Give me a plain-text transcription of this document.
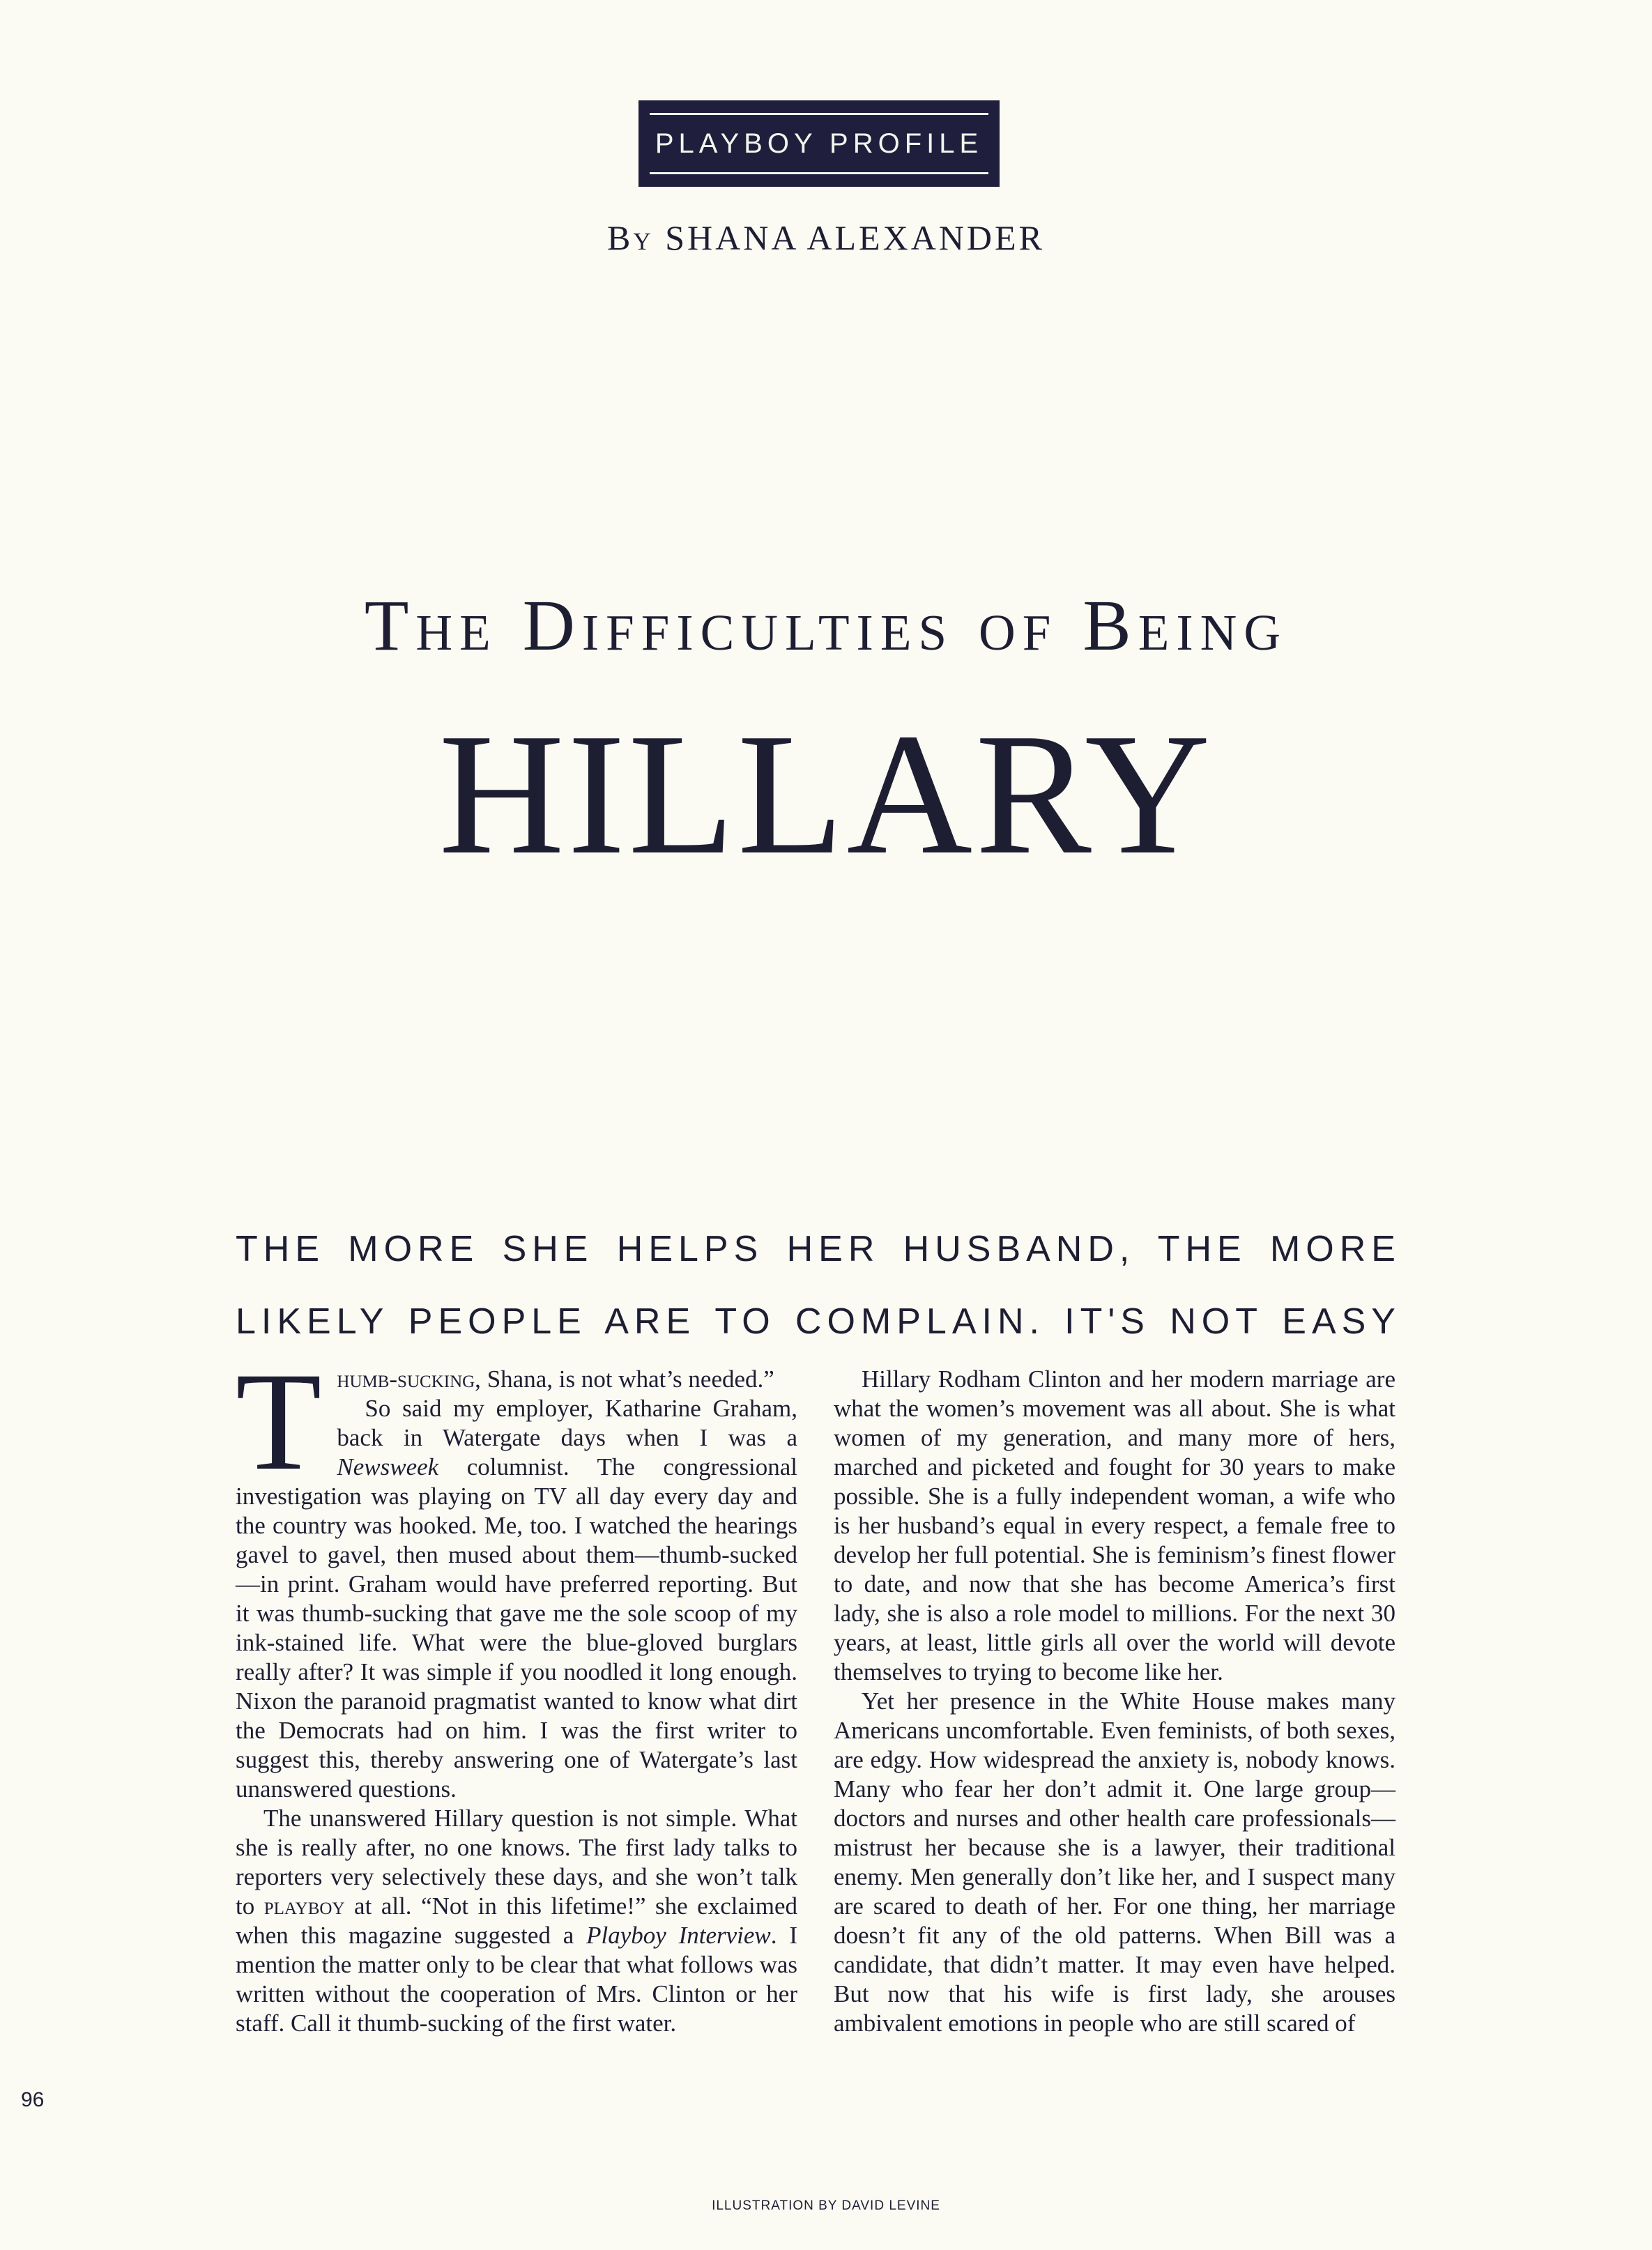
PLAYBOY PROFILE
By SHANA ALEXANDER
The Difficulties of Being
HILLARY
THE MORE SHE HELPS HER HUSBAND, THE MORE LIKELY PEOPLE ARE TO COMPLAIN. IT'S NOT EASY

Thumb-sucking, Shana, is not what’s needed.”

So said my employer, Katharine Graham, back in Watergate days when I was a Newsweek columnist. The congressional investigation was playing on TV all day every day and the country was hooked. Me, too. I watched the hearings gavel to gavel, then mused about them—thumb-sucked—in print. Graham would have preferred reporting. But it was thumb-sucking that gave me the sole scoop of my ink-stained life. What were the blue-gloved burglars really after? It was simple if you noodled it long enough. Nixon the paranoid pragmatist wanted to know what dirt the Democrats had on him. I was the first writer to suggest this, thereby answering one of Watergate’s last unanswered questions.

The unanswered Hillary question is not simple. What she is really after, no one knows. The first lady talks to reporters very selectively these days, and she won’t talk to playboy at all. “Not in this lifetime!” she exclaimed when this magazine suggested a Playboy Interview. I mention the matter only to be clear that what follows was written without the cooperation of Mrs. Clinton or her staff. Call it thumb-sucking of the first water.

Hillary Rodham Clinton and her modern marriage are what the women’s movement was all about. She is what women of my generation, and many more of hers, marched and picketed and fought for 30 years to make possible. She is a fully independent woman, a wife who is her husband’s equal in every respect, a female free to develop her full potential. She is feminism’s finest flower to date, and now that she has become America’s first lady, she is also a role model to millions. For the next 30 years, at least, little girls all over the world will devote themselves to trying to become like her.

Yet her presence in the White House makes many Americans uncomfortable. Even feminists, of both sexes, are edgy. How widespread the anxiety is, nobody knows. Many who fear her don’t admit it. One large group—doctors and nurses and other health care professionals—mistrust her because she is a lawyer, their traditional enemy. Men generally don’t like her, and I suspect many are scared to death of her. For one thing, her marriage doesn’t fit any of the old patterns. When Bill was a candidate, that didn’t matter. It may even have helped. But now that his wife is first lady, she arouses ambivalent emotions in people who are still scared of

96
ILLUSTRATION BY DAVID LEVINE
